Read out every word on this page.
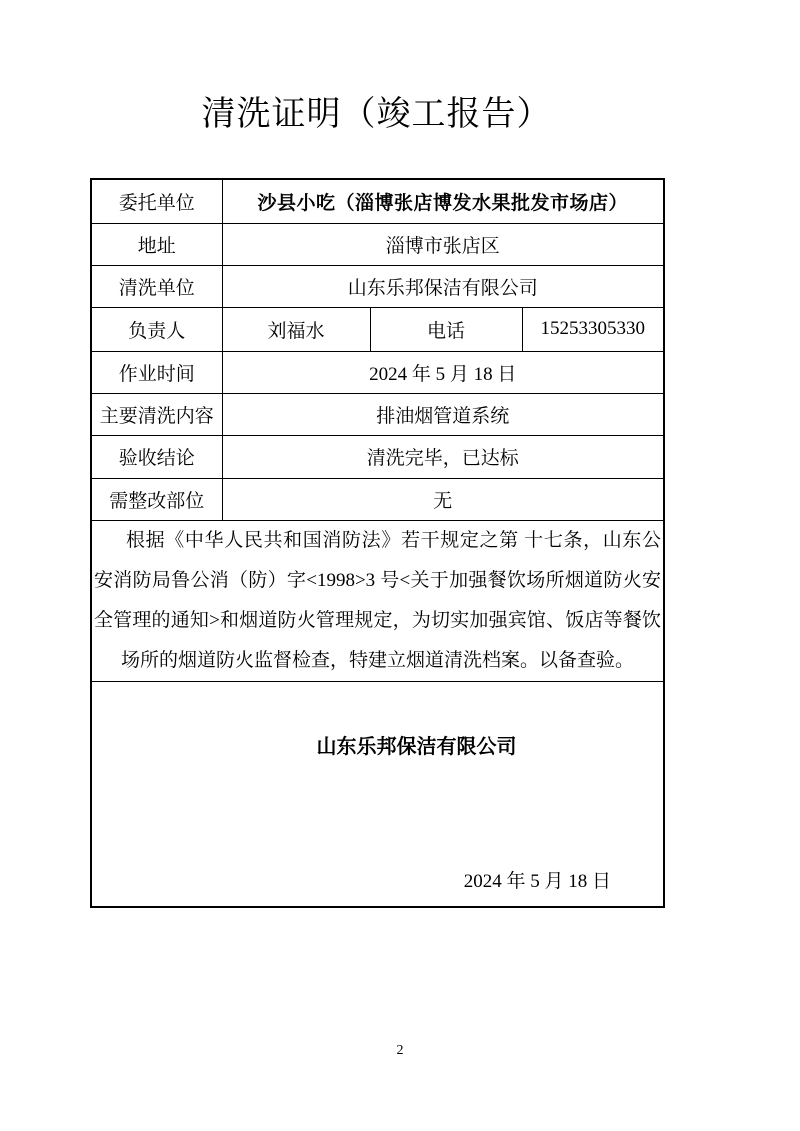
清洗证明（竣工报告）
委托单位	沙县小吃（淄博张店博发水果批发市场店）		
地址	淄博市张店区		
清洗单位	山东乐邦保洁有限公司		
负责人	刘福水	电话	15253305330
作业时间	2024 年 5 月 18 日		
主要清洗内容	排油烟管道系统		
验收结论	清洗完毕，已达标		
需整改部位	无		

根据《中华人民共和国消防法》若干规定之第 十七条，山东公
安消防局鲁公消（防）字<1998>3 号<关于加强餐饮场所烟道防火安
全管理的通知>和烟道防火管理规定，为切实加强宾馆、饭店等餐饮
场所的烟道防火监督检查，特建立烟道清洗档案。以备查验。			

山东乐邦保洁有限公司
2024 年 5 月 18 日			
2
